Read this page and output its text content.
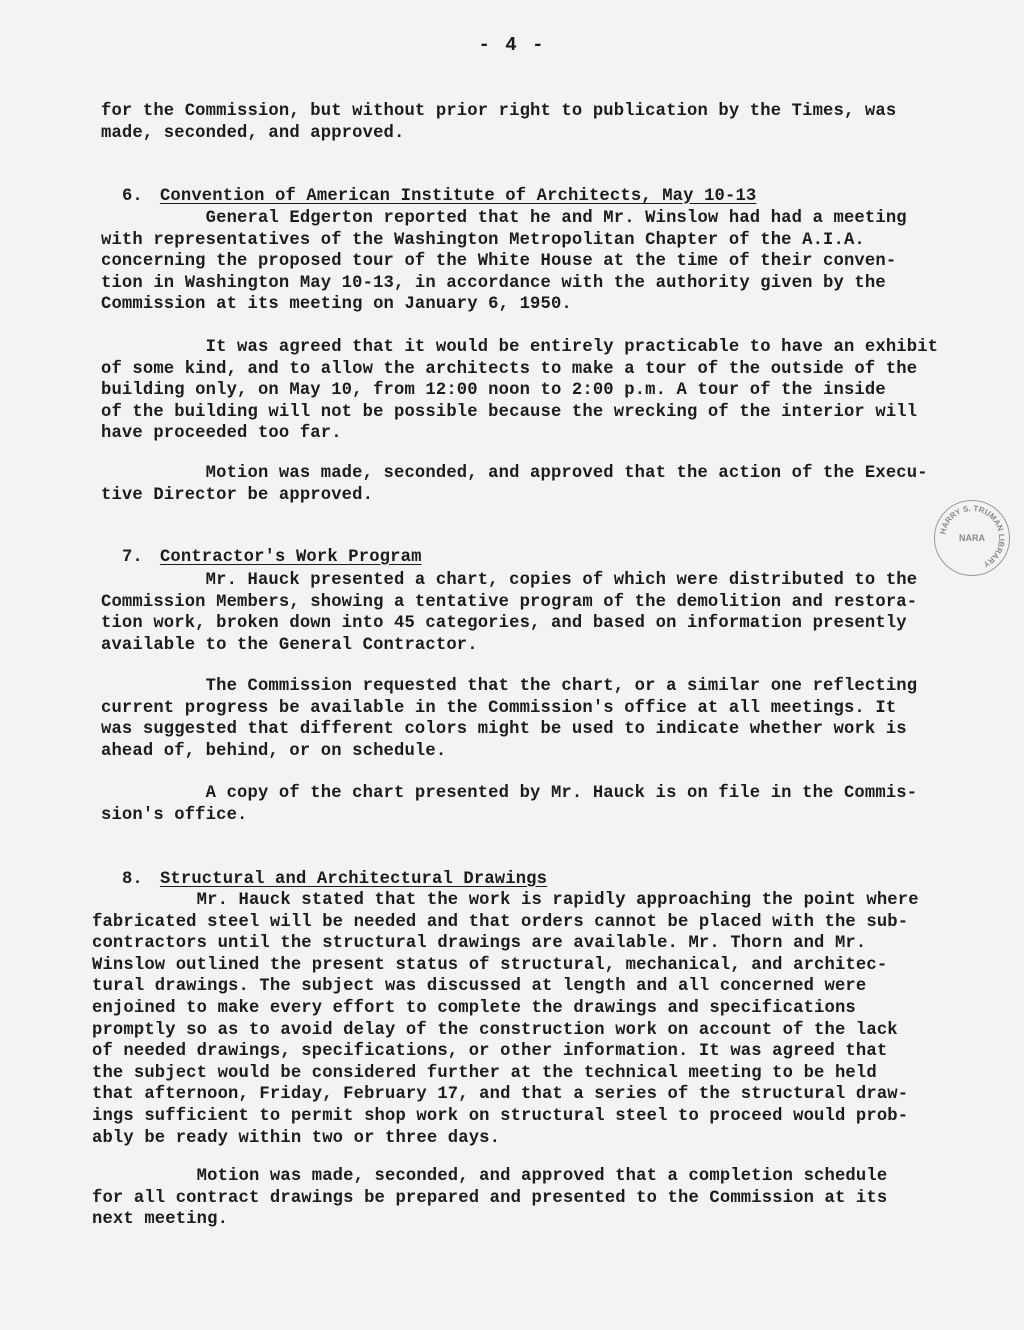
- 4 -

for the Commission, but without prior right to publication by the Times, was
made, seconded, and approved.

6. Convention of American Institute of Architects, May 10-13

General Edgerton reported that he and Mr. Winslow had had a meeting
with representatives of the Washington Metropolitan Chapter of the A.I.A.
concerning the proposed tour of the White House at the time of their conven-
tion in Washington May 10-13, in accordance with the authority given by the
Commission at its meeting on January 6, 1950.

It was agreed that it would be entirely practicable to have an exhibit
of some kind, and to allow the architects to make a tour of the outside of the
building only, on May 10, from 12:00 noon to 2:00 p.m. A tour of the inside
of the building will not be possible because the wrecking of the interior will
have proceeded too far.

Motion was made, seconded, and approved that the action of the Execu-
tive Director be approved.

7. Contractor's Work Program

Mr. Hauck presented a chart, copies of which were distributed to the
Commission Members, showing a tentative program of the demolition and restora-
tion work, broken down into 45 categories, and based on information presently
available to the General Contractor.

The Commission requested that the chart, or a similar one reflecting
current progress be available in the Commission's office at all meetings. It
was suggested that different colors might be used to indicate whether work is
ahead of, behind, or on schedule.

A copy of the chart presented by Mr. Hauck is on file in the Commis-
sion's office.

8. Structural and Architectural Drawings

Mr. Hauck stated that the work is rapidly approaching the point where
fabricated steel will be needed and that orders cannot be placed with the sub-
contractors until the structural drawings are available. Mr. Thorn and Mr.
Winslow outlined the present status of structural, mechanical, and architec-
tural drawings. The subject was discussed at length and all concerned were
enjoined to make every effort to complete the drawings and specifications
promptly so as to avoid delay of the construction work on account of the lack
of needed drawings, specifications, or other information. It was agreed that
the subject would be considered further at the technical meeting to be held
that afternoon, Friday, February 17, and that a series of the structural draw-
ings sufficient to permit shop work on structural steel to proceed would prob-
ably be ready within two or three days.

Motion was made, seconded, and approved that a completion schedule
for all contract drawings be prepared and presented to the Commission at its
next meeting.

HARRY S. TRUMAN LIBRARY
NARA
